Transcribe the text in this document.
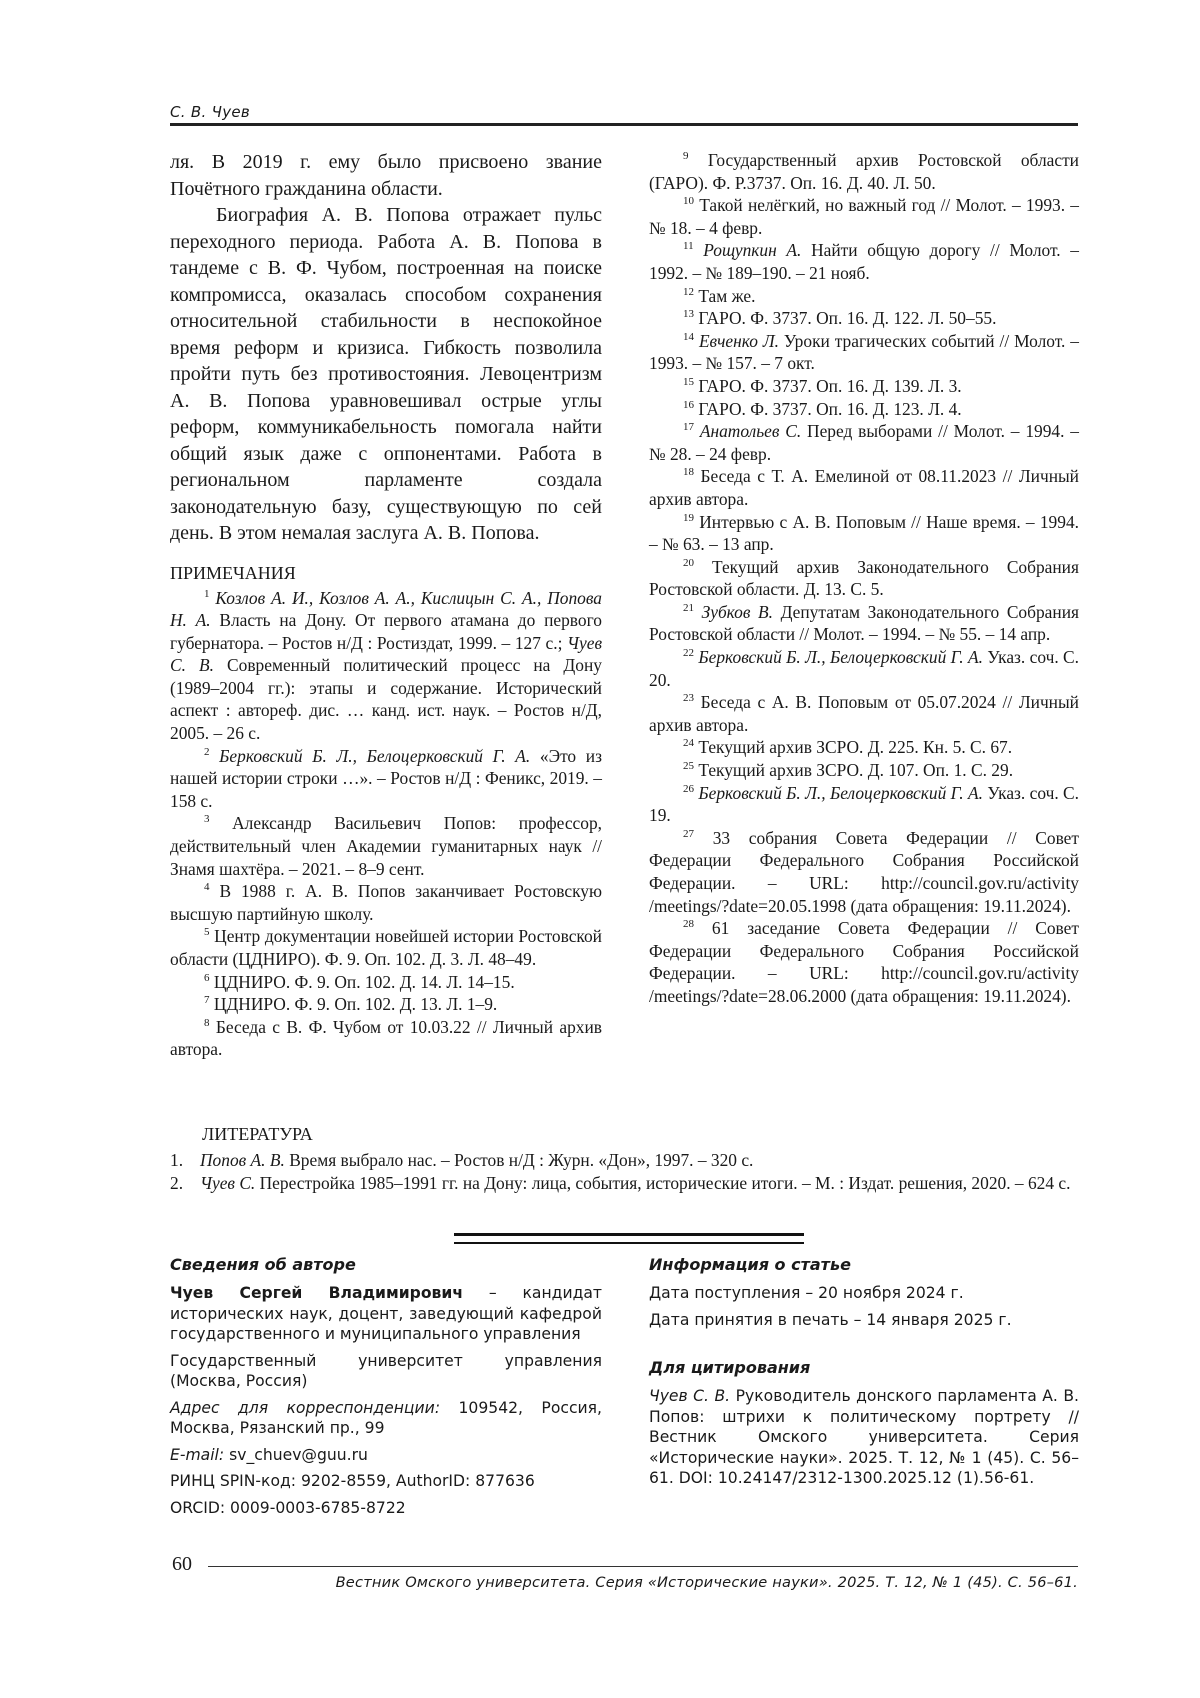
С. В. Чуев

ля. В 2019 г. ему было присвоено звание Почётного гражданина области.

Биография А. В. Попова отражает пульс переходного периода. Работа А. В. Попова в тандеме с В. Ф. Чубом, построенная на поиске компромисса, оказалась способом сохранения относительной стабильности в неспокойное время реформ и кризиса. Гибкость позволила пройти путь без противостояния. Левоцентризм А. В. Попова уравновешивал острые углы реформ, коммуникабельность помогала найти общий язык даже с оппонентами. Работа в региональном парламенте создала законодательную базу, существующую по сей день. В этом немалая заслуга А. В. Попова.

ПРИМЕЧАНИЯ

$^1$ Козлов А. И., Козлов А. А., Кислицын С. А., Попова Н. А. Власть на Дону. От первого атамана до первого губернатора. – Ростов н/Д : Ростиздат, 1999. – 127 с.; Чуев С. В. Современный политический процесс на Дону (1989–2004 гг.): этапы и содержание. Исторический аспект : автореф. дис. … канд. ист. наук. – Ростов н/Д, 2005. – 26 с.

$^2$ Берковский Б. Л., Белоцерковский Г. А. «Это из нашей истории строки …». – Ростов н/Д : Феникс, 2019. – 158 с.

$^3$ Александр Васильевич Попов: профессор, действительный член Академии гуманитарных наук // Знамя шахтёра. – 2021. – 8–9 сент.

$^4$ В 1988 г. А. В. Попов заканчивает Ростовскую высшую партийную школу.

$^5$ Центр документации новейшей истории Ростовской области (ЦДНИРО). Ф. 9. Оп. 102. Д. 3. Л. 48–49.

$^6$ ЦДНИРО. Ф. 9. Оп. 102. Д. 14. Л. 14–15.

$^7$ ЦДНИРО. Ф. 9. Оп. 102. Д. 13. Л. 1–9.

$^8$ Беседа с В. Ф. Чубом от 10.03.22 // Личный архив автора.

$^9$ Государственный архив Ростовской области (ГАРО). Ф. Р.3737. Оп. 16. Д. 40. Л. 50.

$^{10}$ Такой нелёгкий, но важный год // Молот. – 1993. – № 18. – 4 февр.

$^{11}$ Рощупкин А. Найти общую дорогу // Молот. – 1992. – № 189–190. – 21 нояб.

$^{12}$ Там же.

$^{13}$ ГАРО. Ф. 3737. Оп. 16. Д. 122. Л. 50–55.

$^{14}$ Евченко Л. Уроки трагических событий // Молот. – 1993. – № 157. – 7 окт.

$^{15}$ ГАРО. Ф. 3737. Оп. 16. Д. 139. Л. 3.

$^{16}$ ГАРО. Ф. 3737. Оп. 16. Д. 123. Л. 4.

$^{17}$ Анатольев С. Перед выборами // Молот. – 1994. – № 28. – 24 февр.

$^{18}$ Беседа с Т. А. Емелиной от 08.11.2023 // Личный архив автора.

$^{19}$ Интервью с А. В. Поповым // Наше время. – 1994. – № 63. – 13 апр.

$^{20}$ Текущий архив Законодательного Собрания Ростовской области. Д. 13. С. 5.

$^{21}$ Зубков В. Депутатам Законодательного Собрания Ростовской области // Молот. – 1994. – № 55. – 14 апр.

$^{22}$ Берковский Б. Л., Белоцерковский Г. А. Указ. соч. С. 20.

$^{23}$ Беседа с А. В. Поповым от 05.07.2024 // Личный архив автора.

$^{24}$ Текущий архив ЗСРО. Д. 225. Кн. 5. С. 67.

$^{25}$ Текущий архив ЗСРО. Д. 107. Оп. 1. С. 29.

$^{26}$ Берковский Б. Л., Белоцерковский Г. А. Указ. соч. С. 19.

$^{27}$ 33 собрания Совета Федерации // Совет Федерации Федерального Собрания Российской Федерации. – URL: http://council.gov.ru/activity /meetings/?date=20.05.1998 (дата обращения: 19.11.2024).

$^{28}$ 61 заседание Совета Федерации // Совет Федерации Федерального Собрания Российской Федерации. – URL: http://council.gov.ru/activity /meetings/?date=28.06.2000 (дата обращения: 19.11.2024).

ЛИТЕРАТУРА
1. Попов А. В. Время выбрало нас. – Ростов н/Д : Журн. «Дон», 1997. – 320 с.
2. Чуев С. Перестройка 1985–1991 гг. на Дону: лица, события, исторические итоги. – М. : Издат. решения, 2020. – 624 с.
Сведения об авторе

Чуев Сергей Владимирович – кандидат исторических наук, доцент, заведующий кафедрой государственного и муниципального управления

Государственный университет управления (Москва, Россия)

Адрес для корреспонденции: 109542, Россия, Москва, Рязанский пр., 99

E-mail: sv_chuev@guu.ru

РИНЦ SPIN-код: 9202-8559, AuthorID: 877636

ORCID: 0009-0003-6785-8722

Информация о статье

Дата поступления – 20 ноября 2024 г.

Дата принятия в печать – 14 января 2025 г.

Для цитирования

Чуев С. В. Руководитель донского парламента А. В. Попов: штрихи к политическому портрету // Вестник Омского университета. Серия «Исторические науки». 2025. Т. 12, № 1 (45). С. 56–61. DOI: 10.24147/2312-1300.2025.12 (1).56-61.

60
Вестник Омского университета. Серия «Исторические науки». 2025. Т. 12, № 1 (45). С. 56–61.
